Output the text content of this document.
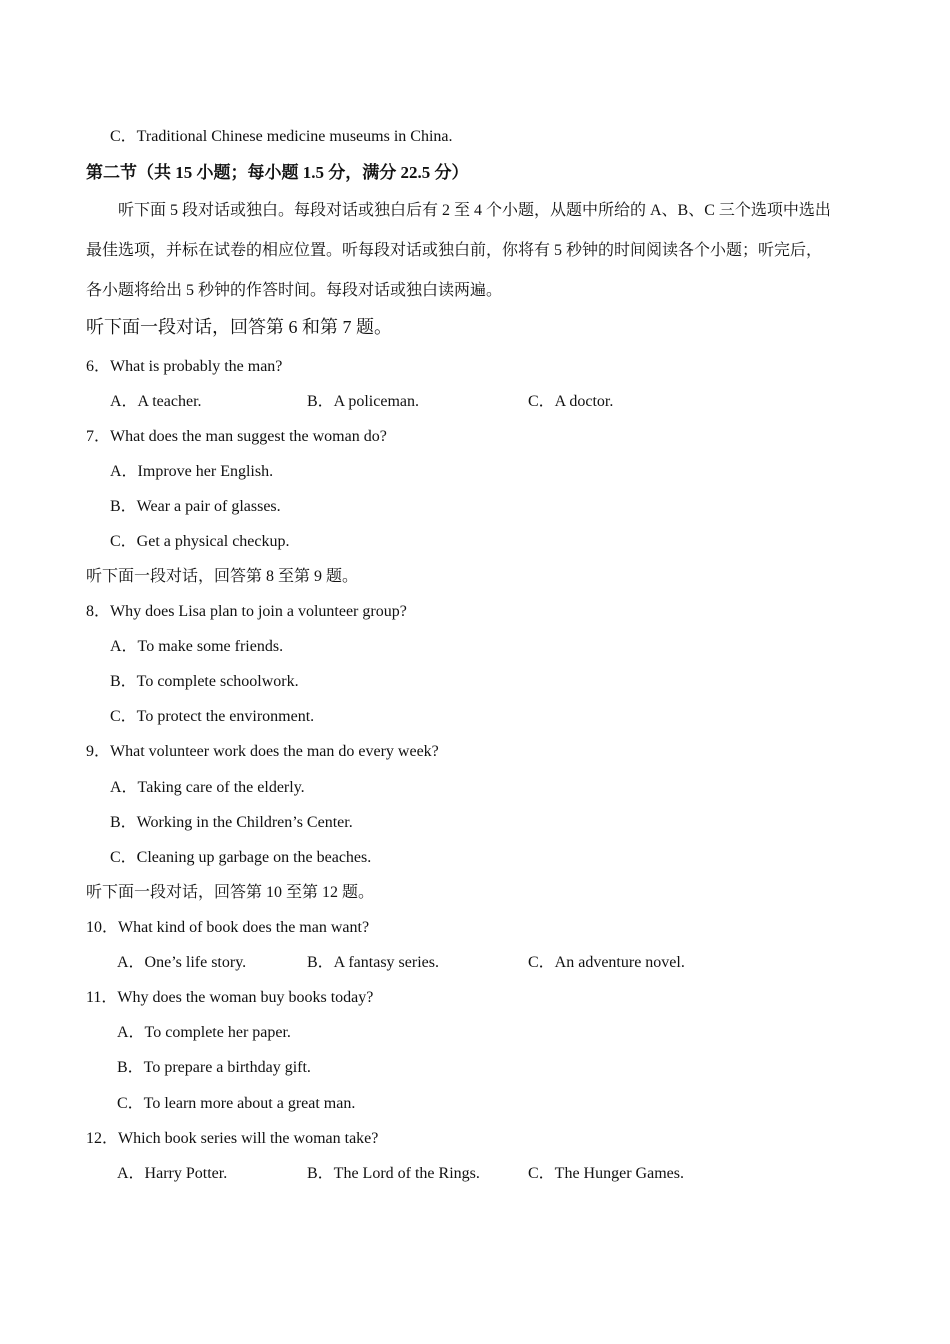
C．Traditional Chinese medicine museums in China.
第二节（共 15 小题；每小题 1.5 分，满分 22.5 分）
听下面 5 段对话或独白。每段对话或独白后有 2 至 4 个小题，从题中所给的 A、B、C 三个选项中选出
最佳选项，并标在试卷的相应位置。听每段对话或独白前，你将有 5 秒钟的时间阅读各个小题；听完后，
各小题将给出 5 秒钟的作答时间。每段对话或独白读两遍。
听下面一段对话，回答第 6 和第 7 题。
6．What is probably the man?
A．A teacher.	B．A policeman.	C．A doctor.
7．What does the man suggest the woman do?
A．Improve her English.
B．Wear a pair of glasses.
C．Get a physical checkup.
听下面一段对话，回答第 8 至第 9 题。
8．Why does Lisa plan to join a volunteer group?
A．To make some friends.
B．To complete schoolwork.
C．To protect the environment.
9．What volunteer work does the man do every week?
A．Taking care of the elderly.
B．Working in the Children’s Center.
C．Cleaning up garbage on the beaches.
听下面一段对话，回答第 10 至第 12 题。
10．What kind of book does the man want?
A．One’s life story.	B．A fantasy series.	C．An adventure novel.
11．Why does the woman buy books today?
A．To complete her paper.
B．To prepare a birthday gift.
C．To learn more about a great man.
12．Which book series will the woman take?
A．Harry Potter.	B．The Lord of the Rings.	C．The Hunger Games.
